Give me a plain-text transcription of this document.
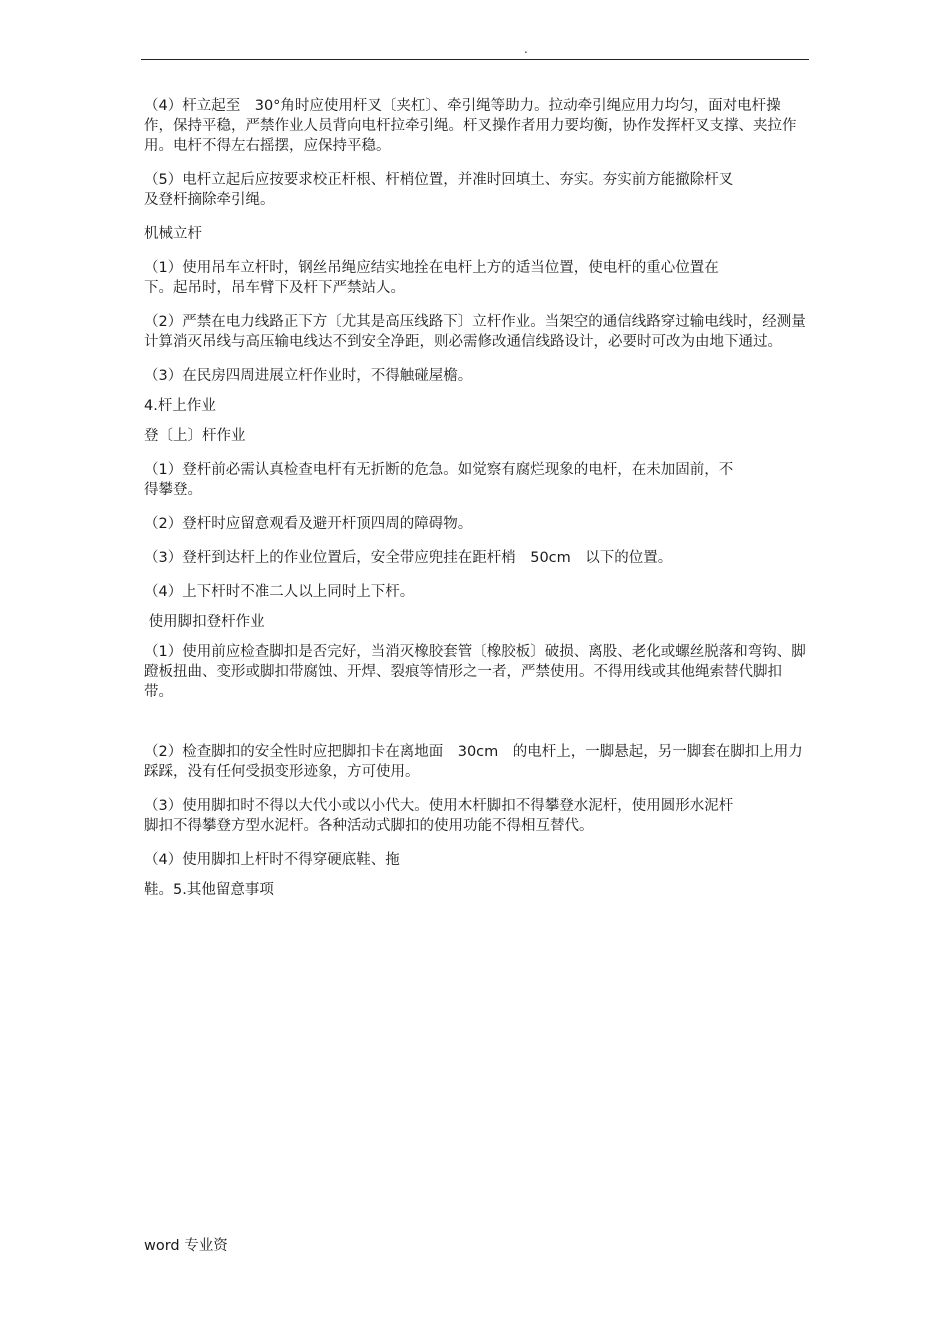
.

（4）杆立起至　30°角时应使用杆叉〔夹杠〕、牵引绳等助力。拉动牵引绳应用力均匀，面对电杆操作，保持平稳，严禁作业人员背向电杆拉牵引绳。杆叉操作者用力要均衡，协作发挥杆叉支撑、夹拉作用。电杆不得左右摇摆，应保持平稳。

（5）电杆立起后应按要求校正杆根、杆梢位置，并准时回填土、夯实。夯实前方能撤除杆叉
及登杆摘除牵引绳。

机械立杆

（1）使用吊车立杆时，钢丝吊绳应结实地拴在电杆上方的适当位置，使电杆的重心位置在
下。起吊时，吊车臂下及杆下严禁站人。

（2）严禁在电力线路正下方〔尤其是高压线路下〕立杆作业。当架空的通信线路穿过输电线时，经测量计算消灭吊线与高压输电线达不到安全净距，则必需修改通信线路设计，必要时可改为由地下通过。

（3）在民房四周进展立杆作业时，不得触碰屋檐。

4.杆上作业

登〔上〕杆作业

（1）登杆前必需认真检查电杆有无折断的危急。如觉察有腐烂现象的电杆，在未加固前，不
得攀登。

（2）登杆时应留意观看及避开杆顶四周的障碍物。

（3）登杆到达杆上的作业位置后，安全带应兜挂在距杆梢　50cm　以下的位置。

（4）上下杆时不准二人以上同时上下杆。

使用脚扣登杆作业

（1）使用前应检查脚扣是否完好，当消灭橡胶套管〔橡胶板〕破损、离股、老化或螺丝脱落和弯钩、脚蹬板扭曲、变形或脚扣带腐蚀、开焊、裂痕等情形之一者，严禁使用。不得用线或其他绳索替代脚扣带。

（2）检查脚扣的安全性时应把脚扣卡在离地面　30cm　的电杆上，一脚悬起，另一脚套在脚扣上用力踩踩，没有任何受损变形迹象，方可使用。

（3）使用脚扣时不得以大代小或以小代大。使用木杆脚扣不得攀登水泥杆，使用圆形水泥杆
脚扣不得攀登方型水泥杆。各种活动式脚扣的使用功能不得相互替代。

（4）使用脚扣上杆时不得穿硬底鞋、拖

鞋。5.其他留意事项

word 专业资
